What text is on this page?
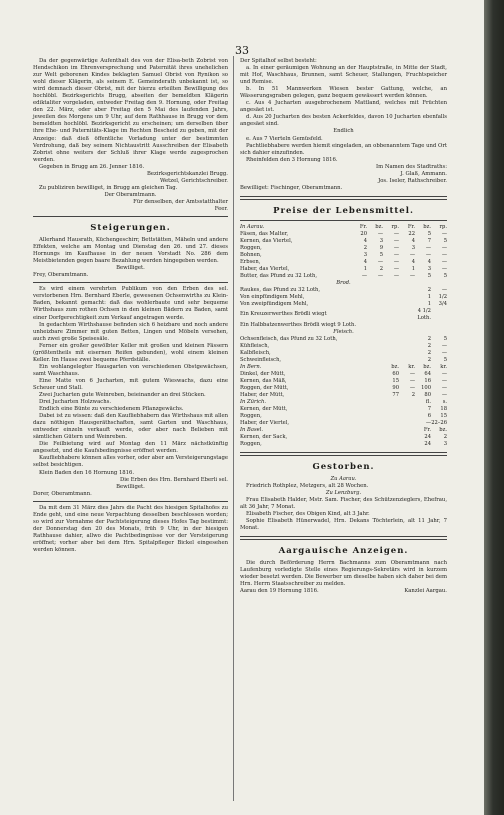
33

Da der gegenwärtige Aufenthalt des von der Elisa-beth Zobrist von Hendschikon im Ehrenversprechung und Paternität ihres unehelichen zur Welt geborenen Kindes beklagten Samuel Obrist von Rynikon so wohl dieser Klägerin, als seinem E. Gemeinderath unbekannt ist, so wird demnach dieser Obrist, mit der hierzu erteilten Bewilligung des hochlöbl. Bezirksgerichts Brugg, abseiten der bemeldten Klägerin ediktaliter vorgeladen, entweder Freitag den 9. Hornung, oder Freitag den 22. März, oder aber Freitag den 5 Mai des laufenden Jahrs, jeweilen des Morgens um 9 Uhr, auf dem Rathhause in Brugg vor dem bemeldten hochlöbl. Bezirksgericht zu erscheinen; um derselben über ihre Ehe- und Paternitäts-Klage im Rechten Bescheid zu geben, mit der Anzeige: daß dieß öffentliche Vorladung unter der bestimmten Verdrohung, daß bey seinem Nichtaustritt Ausschreiben der Elisabeth Zobrist ohne weiters der Schluß ihrer Klage werde zugesprochen werden.

Gegeben in Brugg am 26. Jenner 1816.

Bezirksgerichtskanzlei Brugg.

Wetzel, Gerichtschreiber.

Zu publiziren bewilliget, in Brugg am gleichen Tag.

Der Oberamtmann.

Für denselben, der Amtsstatthalter

Feer.

Steigerungen.

Allerhand Hausrath, Küchengeschirr, Bettstätten, Mäheln und andere Effekten, welche am Montag und Dienstag den 26. und 27. dieses Hornungs im Kaufhause in der neuen Vorstadt No. 286 dem Meistbietenden gegen baare Bezahlung werden hingegeben werden.

Bewilliget.

Frey, Oberamtmann.

Es wird einem verehrten Publikum von den Erben des sel. verstorbenen Hrn. Bernhard Eberle, gewesenen Ochsenwirths zu Klein-Baden, bekannt gemacht: daß das wohlerbaute und sehr bequeme Wirthshaus zum rothen Ochsen in den kleinen Bädern zu Baden, samt einer Dorfgerechtigkeit zum Verkauf angetragen werde.

In gedachtem Wirthshause befinden sich 6 heizbare und noch andere unheizbare Zimmer mit guten Betten, Lingen und Möbeln versehen, auch zwei große Speisesäle.

Ferner ein großer gewölbter Keller mit großen und kleinen Fässern (größtentheils mit eisernen Reifen gebunden), wohl einem kleinen Keller. Im Hause zwei bequeme Pferdställe.

Ein wohlangelegter Hausgarten von verschiedenen Obstgewächsen, samt Waschhaus.

Eine Matte von 6 Jucharten, mit gutem Wieswachs, dazu eine Scheuer und Stall.

Zwei Jucharten gute Weinreben, beieinander an drei Stücken.

Drei Jucharten Holzwachs.

Endlich eine Bünte zu verschiedenem Pflanzgewächs.

Dabei ist zu wissen: daß den Kaufliebhabern das Wirthshaus mit allen dazu nöthigen Hausgeräthschaften, samt Garten und Waschhaus, entweder einzeln verkauft werde, oder aber nach Belieben mit sämtlichen Gütern und Weinreben.

Die Feilbietung wird auf Montag den 11 März nächstkünftig angesetzt, und die Kaufsbedingnisse eröffnet werden.

Kaufliebhabere können alles vorher, oder aber am Versteigerungstage selbst besichtigen.

Klein Baden den 16 Hornung 1816.

Die Erben des Hrn. Bernhard Eberli sel.

Bewilliget.

Dorer, Oberamtmann.

Da mit dem 31 März dies Jahrs die Pacht des hiesigen Spitalhofes zu Ende geht, und eine neue Verpachtung desselben beschlossen worden; so wird zur Vornahme der Pachtsteigerung dieses Hofes Tag bestimmt: der Donnerstag den 20 des Monats, früh 9 Uhr, in der hiesigen Rathhause dahier, allwo die Pachtbedingnisse vor der Versteigerung eröffnet; vorher aber bei dem Hrn. Spitalpfleger Bickel eingesehen werden können.

Der Spitalhof selbst besteht:

a. In einer geräumigen Wohnung an der Hauptstraße, in Mitte der Stadt, mit Hof, Waschhaus, Brunnen, samt Scheuer, Stallungen, Fruchtspeicher und Remise.

b. In 51 Mannwerken Wiesen bester Gattung, welche, an Wässerungsgraben gelegen, ganz bequem gewässert werden können.

c. Aus 4 Jucharten ausgebrochenem Mattland, welches mit Früchten angesäet ist.

d. Aus 20 Jucharten des besten Ackerfeldes, davon 10 Jucharten ebenfalls angesäet sind.

Endlich

e. Aus 7 Vierteln Gemüsfeld.

Pachtliebhabere werden hiemit eingeladen, an obbenanntem Tage und Ort sich dahier einzufinden.

Rheinfelden den 3 Hornung 1816.

Im Namen des Stadtraths:

J. Glaß, Ammann.

Jos. Iseler, Rathschreiber.

Bewilliget: Fischinger, Oberamtmann.

Preise der Lebensmittel.
In Aarau.	Fr.	bz.	rp.	Fr.	bz.	rp.
Fäsen, das Malter,	20	—	—	22	5	—
Kernen, das Viertel,	4	3	—	4	7	5
Roggen,	2	9	—	3	—	—
Bohnen,	3	5	—	—	—	—
Erbsen,	4	—	—	4	4	—
Haber, das Viertel,	1	2	—	1	3	—
Butter, das Pfund zu 32 Loth,	—	—	—	—	5	5
Brod.
Raukes, das Pfund zu 32 Loth,	2	—
Von einpfündigem Mehl,	1	1/2
Von zweipfündigem Mehl,	1	3/4
Ein Kreuzerwerthes Brödli wiegt	4 1/2 Loth.	
Ein Halbbatzenwerthes Brödli wiegt 9 Loth.		
Fleisch.
Ochsenfleisch, das Pfund zu 32 Loth,	2	5
Kühfleisch,	2	—
Kalbfleisch,	2	—
Schweinfleisch,	2	5
In Bern.	bz.	kr.	bz.	kr.
Dinkel, der Mütt,	60	—	64	—
Kernen, das Mäß,	15	—	16	—
Roggen, der Mütt,	90	—	100	—
Haber, der Mütt,	77	2	80	—
In Zürich.	fl.	s.
Kernen, der Mütt,	7	18
Roggen,	6	15
Haber, der Viertel,	—	22–26
In Basel.	Fr.	bz.
Kernen, der Sack,	24	2
Roggen,	24	3
Gestorben.
Zu Aarau.

Friedrich Rothplez, Metzgers, alt 28 Wochen.

Zu Lenzburg.

Frau Elisabeth Halder, Mstr. Sam. Fischer, des Schützenzieglers, Ehefrau, alt 36 Jahr, 7 Monat.

Elisabeth Fischer, des Obigen Kind, alt 3 Jahr.

Sophie Elisabeth Hünerwadel, Hrn. Dekans Töchterlein, alt 11 Jahr, 7 Monat.

Aargauische Anzeigen.

Die durch Beförderung Herrn Bachmanns zum Oberamtmann nach Laufenburg vorledigte Stelle eines Regierungs-Sekretärs wird in kurzem wieder besetzt werden. Die Bewerber um dieselbe haben sich daher bei dem Hrn. Herrn Staatsschreiber zu melden.

Aarau den 19 Hornung 1816.	Kanzlei Aargau.
